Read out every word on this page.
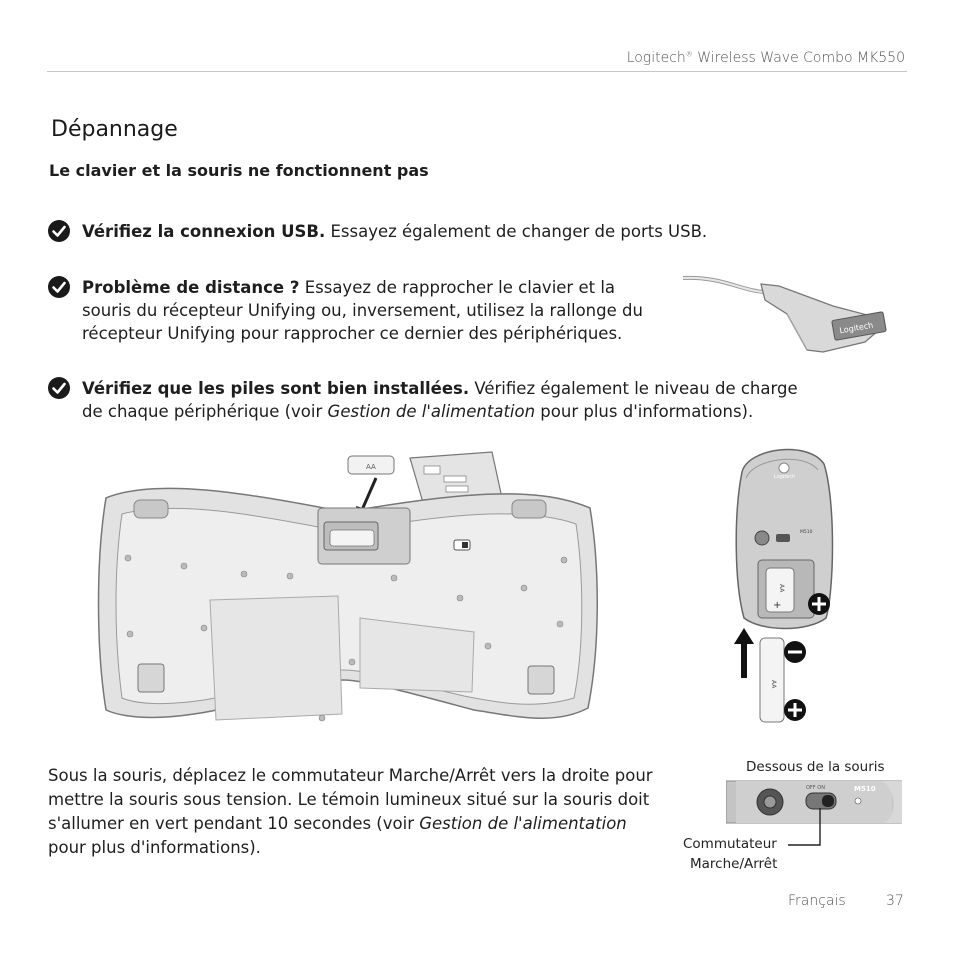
Logitech® Wireless Wave Combo MK550
Dépannage
Le clavier et la souris ne fonctionnent pas
Vérifiez la connexion USB. Essayez également de changer de ports USB.
Problème de distance ? Essayez de rapprocher le clavier et la
souris du récepteur Unifying ou, inversement, utilisez la rallonge du
récepteur Unifying pour rapprocher ce dernier des périphériques.	Logitech
Vérifiez que les piles sont bien installées. Vérifiez également le niveau de charge
de chaque périphérique (voir Gestion de l'alimentation pour plus d'informations).
AA
Logitech
M510
AA
+
AA
Sous la souris, déplacez le commutateur Marche/Arrêt vers la droite pour
mettre la souris sous tension. Le témoin lumineux situé sur la souris doit
s'allumer en vert pendant 10 secondes (voir Gestion de l'alimentation
pour plus d'informations).
Dessous de la souris
OFF ON	M510
Commutateur
Marche/Arrêt
Français	37
